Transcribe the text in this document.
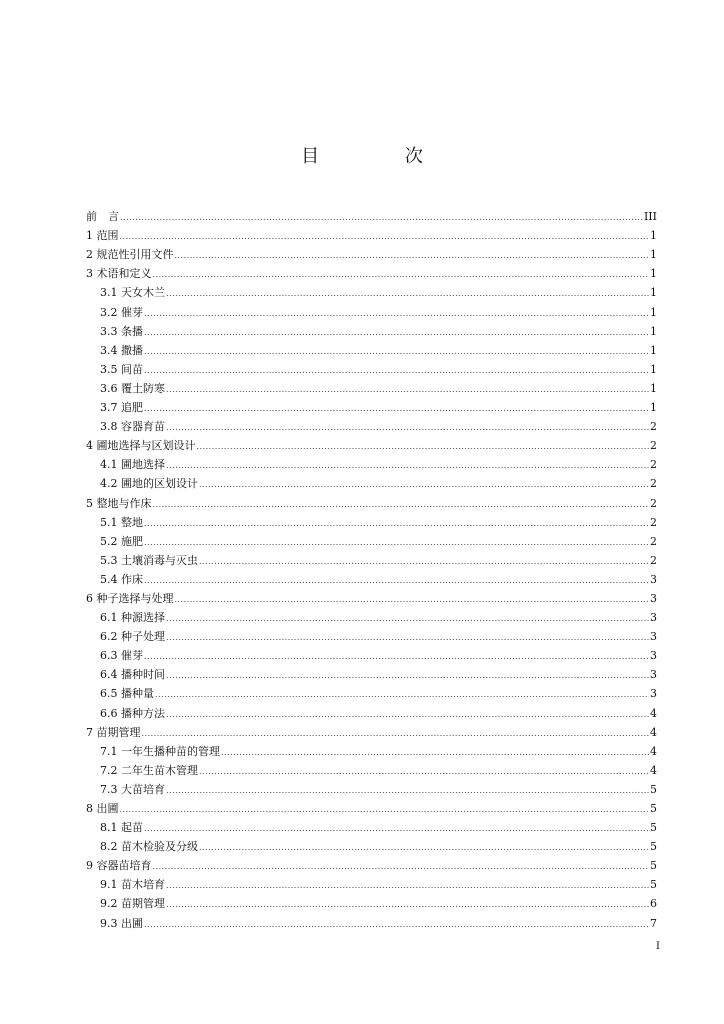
目 次
前　言 .....	III
1 范围 .....	1
2 规范性引用文件 .....	1
3 术语和定义 .....	1
3.1 天女木兰 .....	1
3.2 催芽 .....	1
3.3 条播 .....	1
3.4 撒播 .....	1
3.5 间苗 .....	1
3.6 覆土防寒 .....	1
3.7 追肥 .....	1
3.8 容器育苗 .....	2
4 圃地选择与区划设计 .....	2
4.1 圃地选择 .....	2
4.2 圃地的区划设计 .....	2
5 整地与作床 .....	2
5.1 整地 .....	2
5.2 施肥 .....	2
5.3 土壤消毒与灭虫 .....	2
5.4 作床 .....	3
6 种子选择与处理 .....	3
6.1 种源选择 .....	3
6.2 种子处理 .....	3
6.3 催芽 .....	3
6.4 播种时间 .....	3
6.5 播种量 .....	3
6.6 播种方法 .....	4
7 苗期管理 .....	4
7.1 一年生播种苗的管理 .....	4
7.2 二年生苗木管理 .....	4
7.3 大苗培育 .....	5
8 出圃 .....	5
8.1 起苗 .....	5
8.2 苗木检验及分级 .....	5
9 容器苗培育 .....	5
9.1 苗木培育 .....	5
9.2 苗期管理 .....	6
9.3 出圃 .....	7
I
